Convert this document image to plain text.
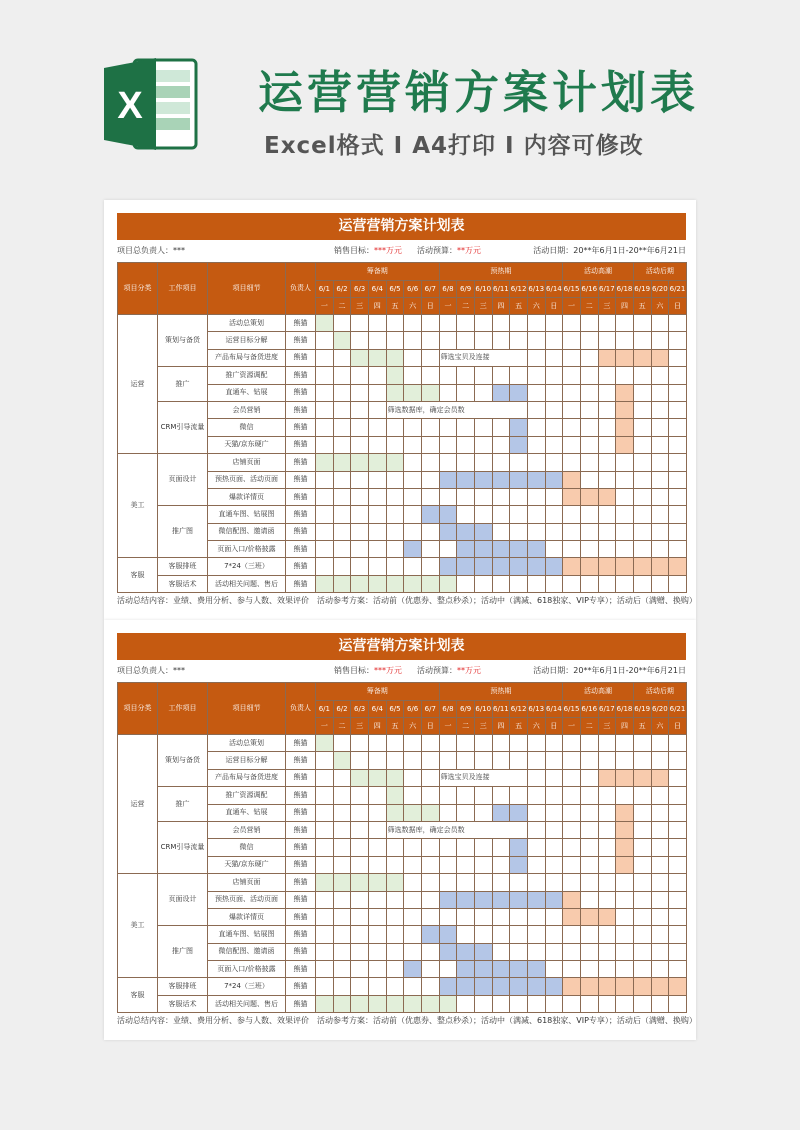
X	运营营销方案计划表
Excel格式 I A4打印 I 内容可修改
运营营销方案计划表
项目总负责人：***	销售目标：***万元 活动预算：**万元	活动日期：20**年6月1日-20**年6月21日
项目分类	工作项目	项目细节	负责人	筹备期							预热期							活动高潮				活动后期		
				6/1	6/2	6/3	6/4	6/5	6/6	6/7	6/8	6/9	6/10	6/11	6/12	6/13	6/14	6/15	6/16	6/17	6/18	6/19	6/20	6/21
				一	二	三	四	五	六	日	一	二	三	四	五	六	日	一	二	三	四	五	六	日
运营	策划与备货	活动总策划	熊猫																					
		运营目标分解	熊猫																					
		产品布局与备货进度	熊猫								筛选宝贝及连接													
	推广	推广资源调配	熊猫																					
		直通车、钻展	熊猫																					
	CRM引导流量	会员营销	熊猫					筛选数据库，确定会员数																
		微信	熊猫																					
		天猫/京东硬广	熊猫																					
美工	页面设计	店铺页面	熊猫																					
		预热页面、活动页面	熊猫																					
		爆款详情页	熊猫																					
	推广图	直通车图、钻展图	熊猫																					
		微信配图、邀请函	熊猫																					
		页面入口/价格披露	熊猫																					
客服	客服排班	7*24（三班）	熊猫																					
	客服话术	活动相关问题、售后	熊猫																					
活动总结内容：业绩、费用分析、参与人数、效果评价 活动参考方案：活动前（优惠券、整点秒杀）；活动中（满减、618独家、VIP专享）；活动后（满赠、换购）
运营营销方案计划表
项目总负责人：***	销售目标：***万元 活动预算：**万元	活动日期：20**年6月1日-20**年6月21日
项目分类	工作项目	项目细节	负责人	筹备期							预热期							活动高潮				活动后期		
				6/1	6/2	6/3	6/4	6/5	6/6	6/7	6/8	6/9	6/10	6/11	6/12	6/13	6/14	6/15	6/16	6/17	6/18	6/19	6/20	6/21
				一	二	三	四	五	六	日	一	二	三	四	五	六	日	一	二	三	四	五	六	日
运营	策划与备货	活动总策划	熊猫																					
		运营目标分解	熊猫																					
		产品布局与备货进度	熊猫								筛选宝贝及连接													
	推广	推广资源调配	熊猫																					
		直通车、钻展	熊猫																					
	CRM引导流量	会员营销	熊猫					筛选数据库，确定会员数																
		微信	熊猫																					
		天猫/京东硬广	熊猫																					
美工	页面设计	店铺页面	熊猫																					
		预热页面、活动页面	熊猫																					
		爆款详情页	熊猫																					
	推广图	直通车图、钻展图	熊猫																					
		微信配图、邀请函	熊猫																					
		页面入口/价格披露	熊猫																					
客服	客服排班	7*24（三班）	熊猫																					
	客服话术	活动相关问题、售后	熊猫																					
活动总结内容：业绩、费用分析、参与人数、效果评价 活动参考方案：活动前（优惠券、整点秒杀）；活动中（满减、618独家、VIP专享）；活动后（满赠、换购）
